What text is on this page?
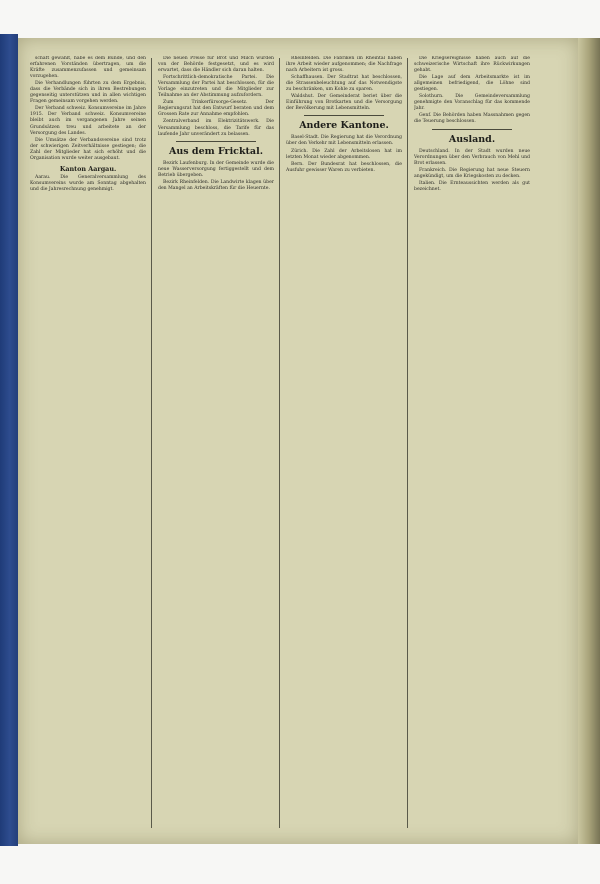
schaft gewählt, habe es dem Bunde, und den erfahrenen Vorständen übertragen, um die Kräfte zusammenzufassen und gemeinsam vorzugehen.
Die Verhandlungen führten zu dem Ergebnis, dass die Verbände sich in ihren Bestrebungen gegenseitig unterstützen und in allen wichtigen Fragen gemeinsam vorgehen werden.
Der Verband schweiz. Konsumvereine im Jahre 1915. Der Verband schweiz. Konsumvereine bleibt auch im vergangenen Jahre seinen Grundsätzen treu und arbeitete an der Versorgung des Landes.
Die Umsätze der Verbandsvereine sind trotz der schwierigen Zeitverhältnisse gestiegen; die Zahl der Mitglieder hat sich erhöht und die Organisation wurde weiter ausgebaut.
Kanton Aargau.
Aarau. Die Generalversammlung des Konsumvereins wurde am Sonntag abgehalten und die Jahresrechnung genehmigt.
Die neuen Preise für Brot und Milch wurden von der Behörde festgesetzt, und es wird erwartet, dass die Händler sich daran halten.
Fortschrittlich-demokratische Partei. Die Versammlung der Partei hat beschlossen, für die Vorlage einzutreten und die Mitglieder zur Teilnahme an der Abstimmung aufzufordern.
Zum Trinkerfürsorge-Gesetz. Der Regierungsrat hat den Entwurf beraten und dem Grossen Rate zur Annahme empfohlen.
Zentralverband im Elektrizitätswerk. Die Versammlung beschloss, die Tarife für das laufende Jahr unverändert zu belassen.
Aus dem Fricktal.
Bezirk Laufenburg. In der Gemeinde wurde die neue Wasserversorgung fertiggestellt und dem Betrieb übergeben.
Bezirk Rheinfelden. Die Landwirte klagen über den Mangel an Arbeitskräften für die Heuernte.
Rheinfelden. Die Fabriken im Rheintal haben ihre Arbeit wieder aufgenommen; die Nachfrage nach Arbeitern ist gross.
Schaffhausen. Der Stadtrat hat beschlossen, die Strassenbeleuchtung auf das Notwendigste zu beschränken, um Kohle zu sparen.
Waldshut. Der Gemeinderat beriet über die Einführung von Brotkarten und die Versorgung der Bevölkerung mit Lebensmitteln.
Andere Kantone.
Basel-Stadt. Die Regierung hat die Verordnung über den Verkehr mit Lebensmitteln erlassen.
Zürich. Die Zahl der Arbeitslosen hat im letzten Monat wieder abgenommen.
Bern. Der Bundesrat hat beschlossen, die Ausfuhr gewisser Waren zu verbieten.
Die Kriegsereignisse haben auch auf die schweizerische Wirtschaft ihre Rückwirkungen gehabt.
Die Lage auf dem Arbeitsmarkte ist im allgemeinen befriedigend, die Löhne sind gestiegen.
Solothurn. Die Gemeindeversammlung genehmigte den Voranschlag für das kommende Jahr.
Genf. Die Behörden haben Massnahmen gegen die Teuerung beschlossen.
Ausland.
Deutschland. In der Stadt wurden neue Verordnungen über den Verbrauch von Mehl und Brot erlassen.
Frankreich. Die Regierung hat neue Steuern angekündigt, um die Kriegskosten zu decken.
Italien. Die Ernteaussichten werden als gut bezeichnet.
